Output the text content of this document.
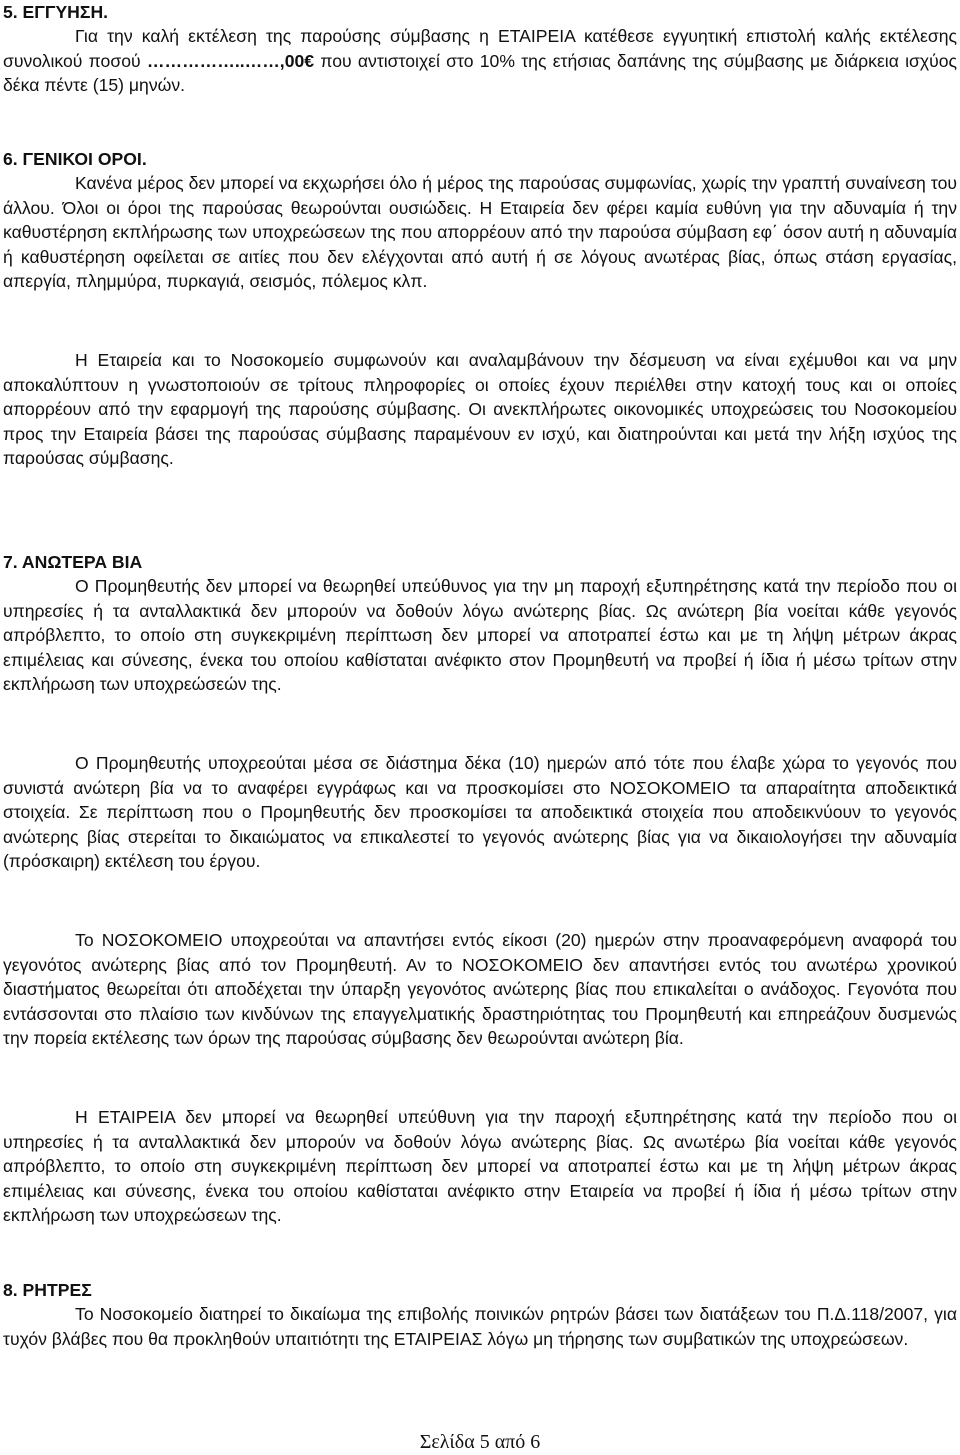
5. ΕΓΓΥΗΣΗ.
Για την καλή εκτέλεση της παρούσης σύμβασης η ΕΤΑΙΡΕΙΑ κατέθεσε εγγυητική επιστολή καλής εκτέλεσης συνολικού ποσού ……………..……,00€ που αντιστοιχεί στο 10% της ετήσιας δαπάνης της σύμβασης με διάρκεια ισχύος δέκα πέντε (15) μηνών.
6. ΓΕΝΙΚΟΙ ΟΡΟΙ.
Κανένα μέρος δεν μπορεί να εκχωρήσει όλο ή μέρος της παρούσας συμφωνίας, χωρίς την γραπτή συναίνεση του άλλου. Όλοι οι όροι της παρούσας θεωρούνται ουσιώδεις. Η Εταιρεία δεν φέρει καμία ευθύνη για την αδυναμία ή την καθυστέρηση εκπλήρωσης των υποχρεώσεων της που απορρέουν από την παρούσα σύμβαση εφ΄ όσον αυτή η αδυναμία ή καθυστέρηση οφείλεται σε αιτίες που δεν ελέγχονται από αυτή ή σε λόγους ανωτέρας βίας, όπως στάση εργασίας, απεργία, πλημμύρα, πυρκαγιά, σεισμός, πόλεμος κλπ.
Η Εταιρεία και το Νοσοκομείο συμφωνούν και αναλαμβάνουν την δέσμευση να είναι εχέμυθοι και να μην αποκαλύπτουν η γνωστοποιούν σε τρίτους πληροφορίες οι οποίες έχουν περιέλθει στην κατοχή τους και οι οποίες απορρέουν από την εφαρμογή της παρούσης σύμβασης. Οι ανεκπλήρωτες οικονομικές υποχρεώσεις του Νοσοκομείου προς την Εταιρεία βάσει της παρούσας σύμβασης παραμένουν εν ισχύ, και διατηρούνται και μετά την λήξη ισχύος της παρούσας σύμβασης.
7. ΑΝΩΤΕΡΑ ΒΙΑ
Ο Προμηθευτής δεν μπορεί να θεωρηθεί υπεύθυνος για την μη παροχή εξυπηρέτησης κατά την περίοδο που οι υπηρεσίες ή τα ανταλλακτικά δεν μπορούν να δοθούν λόγω ανώτερης βίας. Ως ανώτερη βία νοείται κάθε γεγονός απρόβλεπτο, το οποίο στη συγκεκριμένη περίπτωση δεν μπορεί να αποτραπεί έστω και με τη λήψη μέτρων άκρας επιμέλειας και σύνεσης, ένεκα του οποίου καθίσταται ανέφικτο στον Προμηθευτή να προβεί ή ίδια ή μέσω τρίτων στην εκπλήρωση των υποχρεώσεών της.
Ο Προμηθευτής υποχρεούται μέσα σε διάστημα δέκα (10) ημερών από τότε που έλαβε χώρα το γεγονός που συνιστά ανώτερη βία να το αναφέρει εγγράφως και να προσκομίσει στο ΝΟΣΟΚΟΜΕΙΟ τα απαραίτητα αποδεικτικά στοιχεία. Σε περίπτωση που ο Προμηθευτής δεν προσκομίσει τα αποδεικτικά στοιχεία που αποδεικνύουν το γεγονός ανώτερης βίας στερείται το δικαιώματος να επικαλεστεί το γεγονός ανώτερης βίας για να δικαιολογήσει την αδυναμία (πρόσκαιρη) εκτέλεση του έργου.
Το ΝΟΣΟΚΟΜΕΙΟ υποχρεούται να απαντήσει εντός είκοσι (20) ημερών στην προαναφερόμενη αναφορά του γεγονότος ανώτερης βίας από τον Προμηθευτή. Αν το ΝΟΣΟΚΟΜΕΙΟ δεν απαντήσει εντός του ανωτέρω χρονικού διαστήματος θεωρείται ότι αποδέχεται την ύπαρξη γεγονότος ανώτερης βίας που επικαλείται ο ανάδοχος. Γεγονότα που εντάσσονται στο πλαίσιο των κινδύνων της επαγγελματικής δραστηριότητας του Προμηθευτή και επηρεάζουν δυσμενώς την πορεία εκτέλεσης των όρων της παρούσας σύμβασης δεν θεωρούνται ανώτερη βία.
Η ΕΤΑΙΡΕΙΑ δεν μπορεί να θεωρηθεί υπεύθυνη για την παροχή εξυπηρέτησης κατά την περίοδο που οι υπηρεσίες ή τα ανταλλακτικά δεν μπορούν να δοθούν λόγω ανώτερης βίας. Ως ανωτέρω βία νοείται κάθε γεγονός απρόβλεπτο, το οποίο στη συγκεκριμένη περίπτωση δεν μπορεί να αποτραπεί έστω και με τη λήψη μέτρων άκρας επιμέλειας και σύνεσης, ένεκα του οποίου καθίσταται ανέφικτο στην Εταιρεία να προβεί ή ίδια ή μέσω τρίτων στην εκπλήρωση των υποχρεώσεων της.
8. ΡΗΤΡΕΣ
Το Νοσοκομείο διατηρεί το δικαίωμα της επιβολής ποινικών ρητρών βάσει των διατάξεων του Π.Δ.118/2007, για τυχόν βλάβες που θα προκληθούν υπαιτιότητι της ΕΤΑΙΡΕΙΑΣ λόγω μη τήρησης των συμβατικών της υποχρεώσεων.
Σελίδα 5 από 6
